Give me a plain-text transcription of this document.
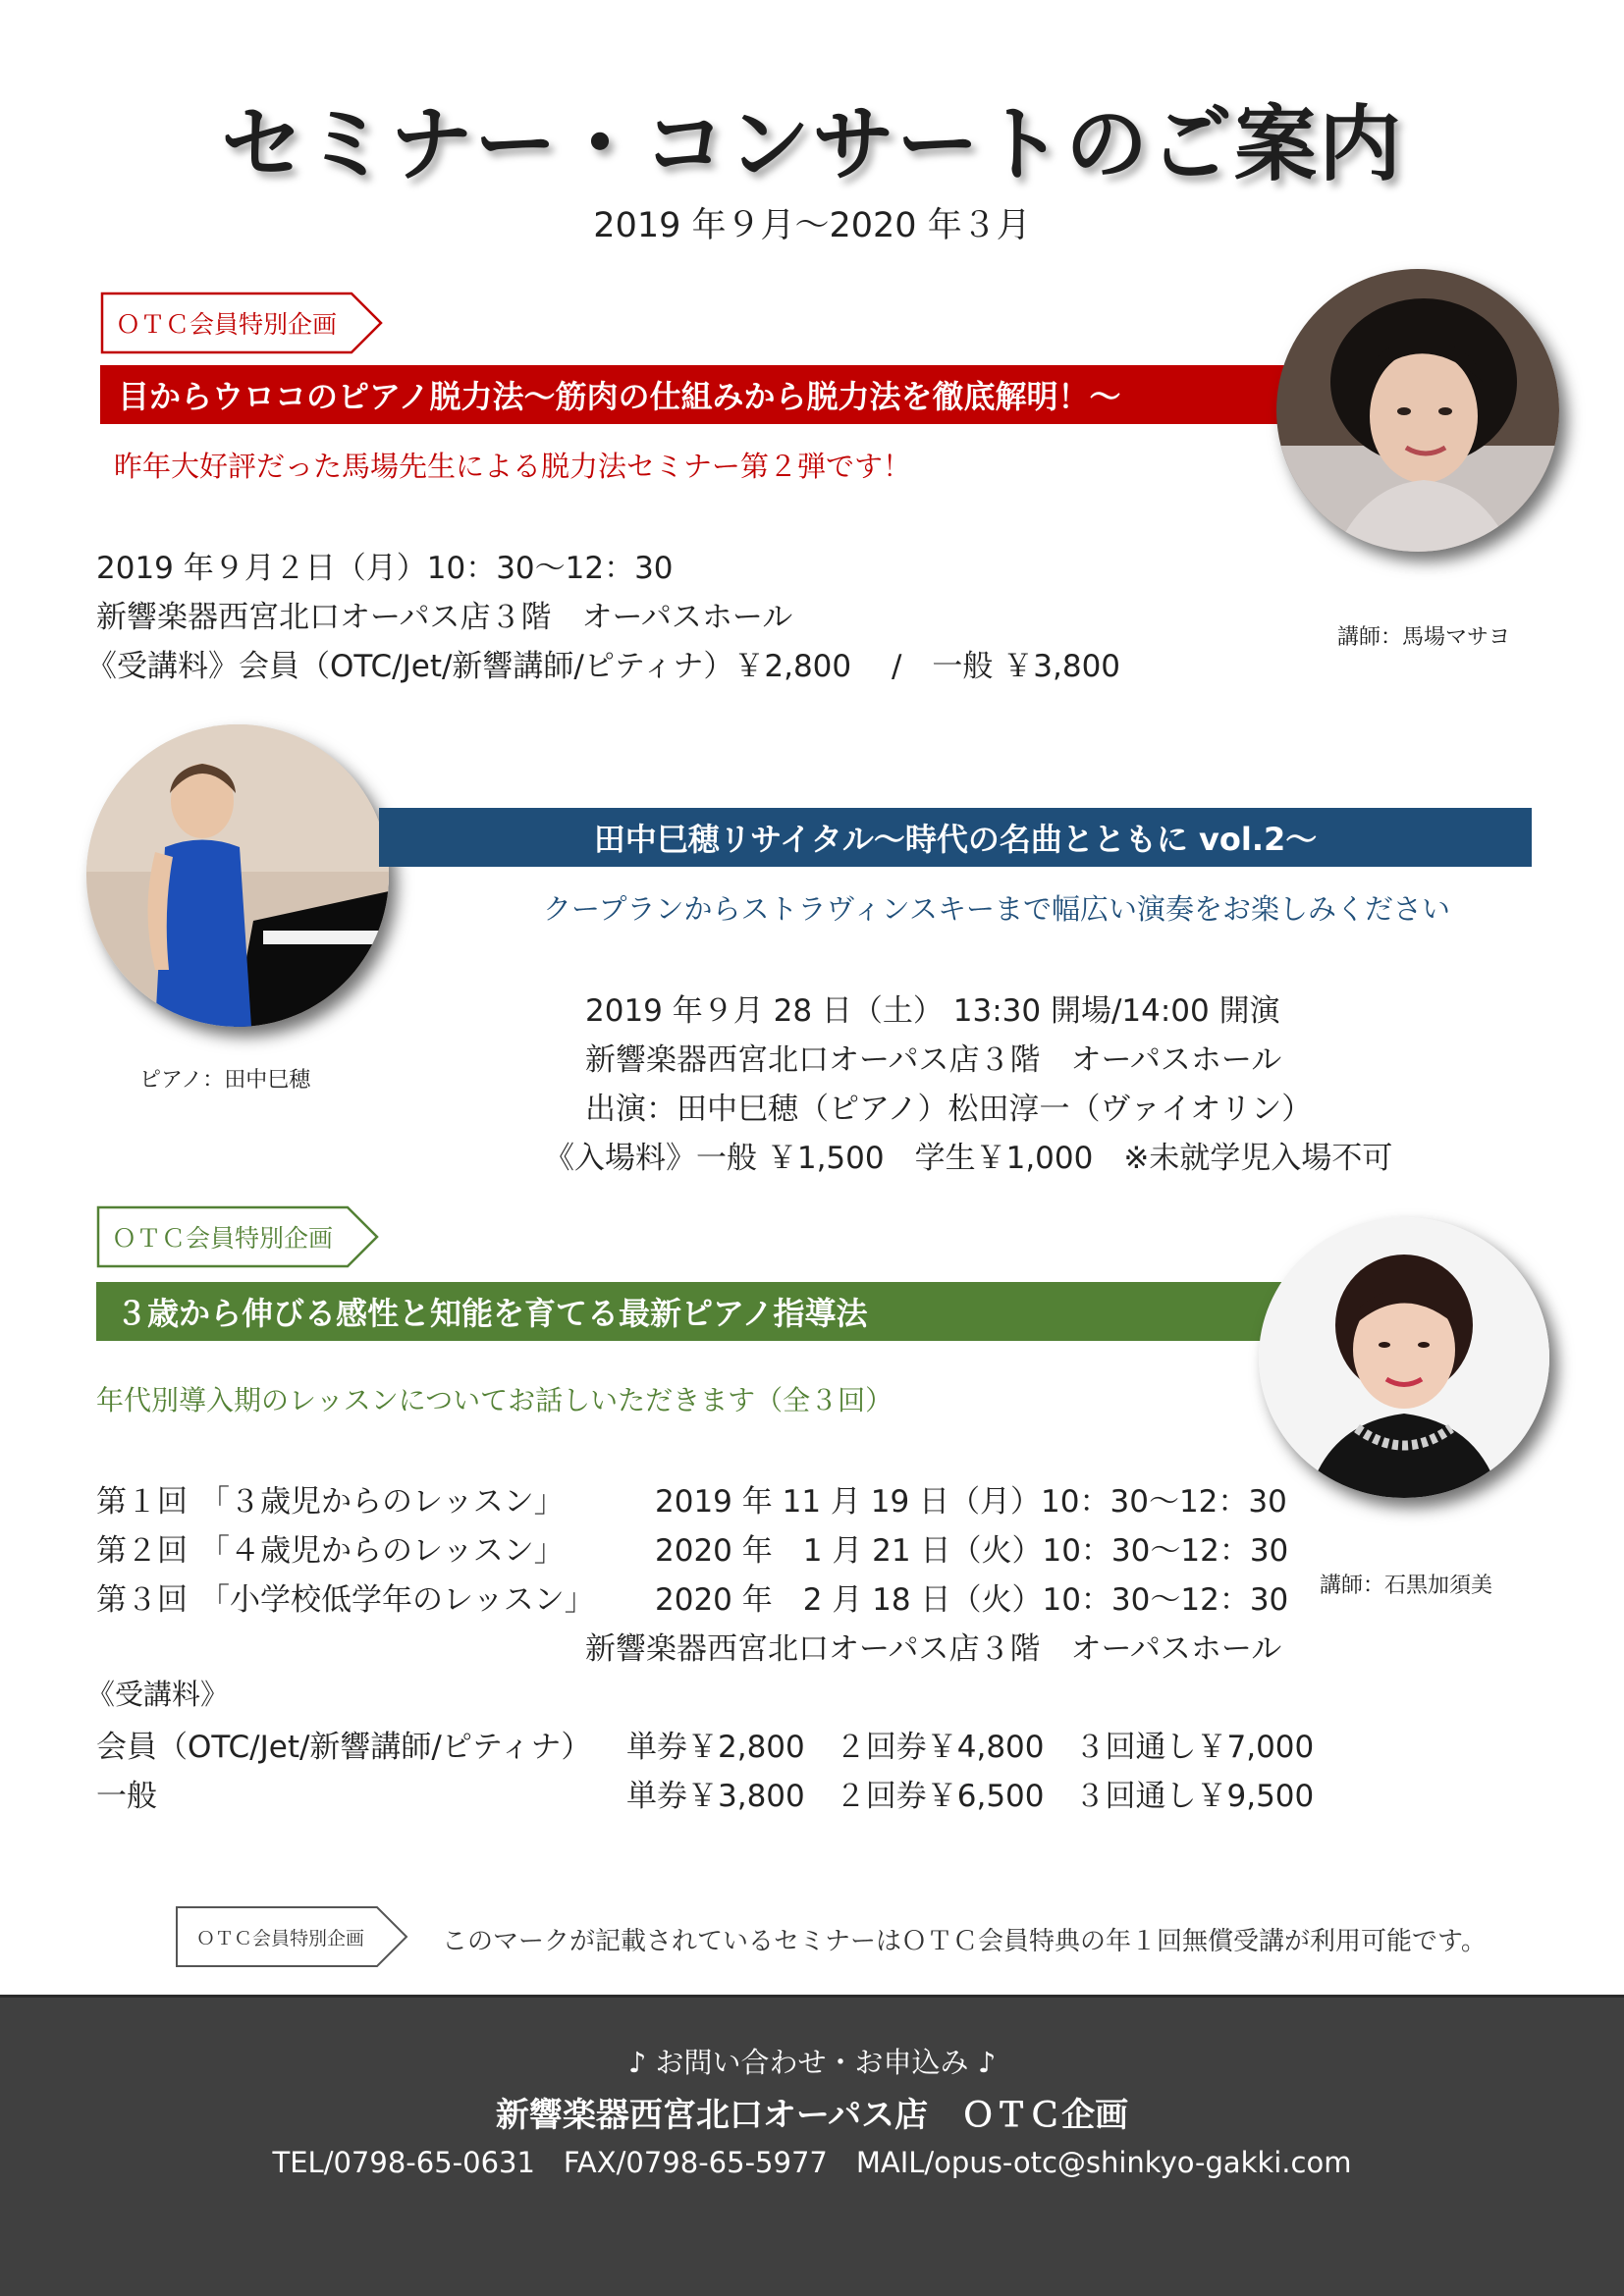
セミナー・コンサートのご案内
2019 年９月〜2020 年３月
ＯＴＣ会員特別企画
目からウロコのピアノ脱力法〜筋肉の仕組みから脱力法を徹底解明！〜
昨年大好評だった馬場先生による脱力法セミナー第２弾です！
2019 年９月２日（月）10：30〜12：30
新響楽器西宮北口オーパス店３階　オーパスホール
《受講料》会員（OTC/Jet/新響講師/ピティナ）￥2,800　 /　一般 ￥3,800
講師：馬場マサヨ
田中巳穂リサイタル〜時代の名曲とともに vol.2〜
クープランからストラヴィンスキーまで幅広い演奏をお楽しみください
2019 年９月 28 日（土） 13:30 開場/14:00 開演
新響楽器西宮北口オーパス店３階　オーパスホール
出演：田中巳穂（ピアノ）松田淳一（ヴァイオリン）
《入場料》一般 ￥1,500　学生￥1,000　※未就学児入場不可
ピアノ：田中巳穂
ＯＴＣ会員特別企画
３歳から伸びる感性と知能を育てる最新ピアノ指導法
年代別導入期のレッスンについてお話しいただきます（全３回）
第１回 「３歳児からのレッスン」	2019 年 11 月 19 日（月）10：30〜12：30
第２回 「４歳児からのレッスン」	2020 年　1 月 21 日（火）10：30〜12：30
第３回 「小学校低学年のレッスン」 2020 年　2 月 18 日（火）10：30〜12：30
新響楽器西宮北口オーパス店３階　オーパスホール
《受講料》
会員（OTC/Jet/新響講師/ピティナ） 単券￥2,800　２回券￥4,800　３回通し￥7,000
一般	単券￥3,800　２回券￥6,500　３回通し￥9,500
講師：石黒加須美
ＯＴＣ会員特別企画	このマークが記載されているセミナーはＯＴＣ会員特典の年１回無償受講が利用可能です。
♪ お問い合わせ・お申込み ♪
新響楽器西宮北口オーパス店　ＯＴＣ企画
TEL/0798-65-0631　FAX/0798-65-5977　MAIL/opus-otc@shinkyo-gakki.com
